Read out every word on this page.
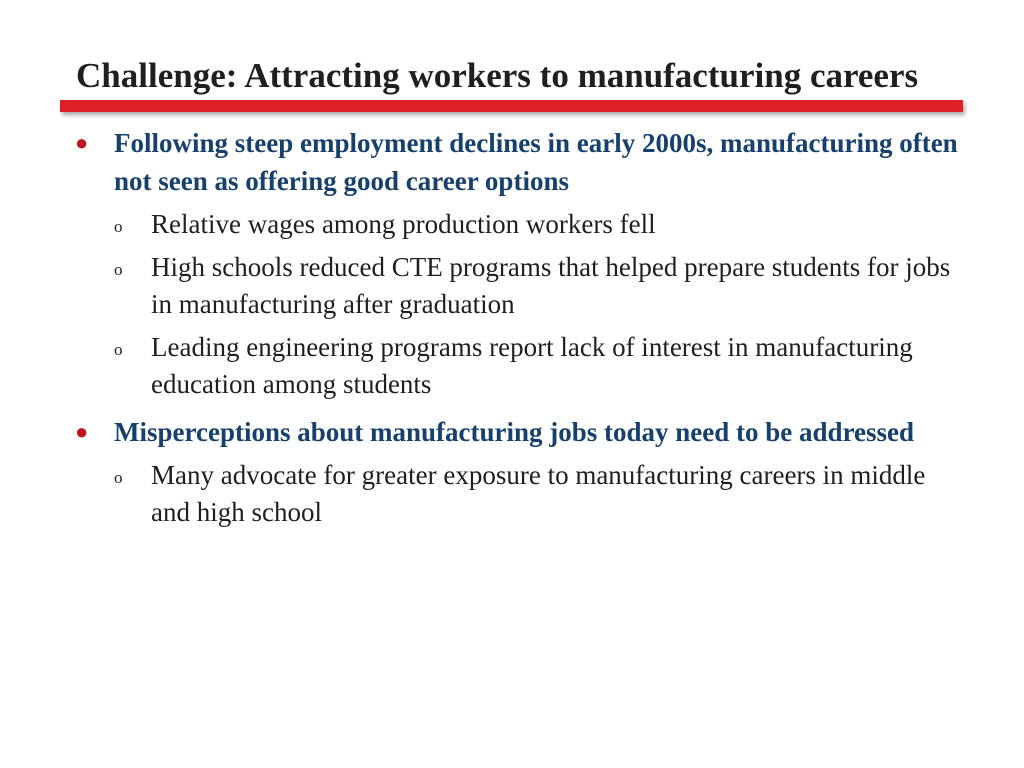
Challenge: Attracting workers to manufacturing careers

● Following steep employment declines in early 2000s, manufacturing often not seen as offering good career options

o Relative wages among production workers fell

o High schools reduced CTE programs that helped prepare students for jobs in manufacturing after graduation

o Leading engineering programs report lack of interest in manufacturing education among students

● Misperceptions about manufacturing jobs today need to be addressed

o Many advocate for greater exposure to manufacturing careers in middle and high school
